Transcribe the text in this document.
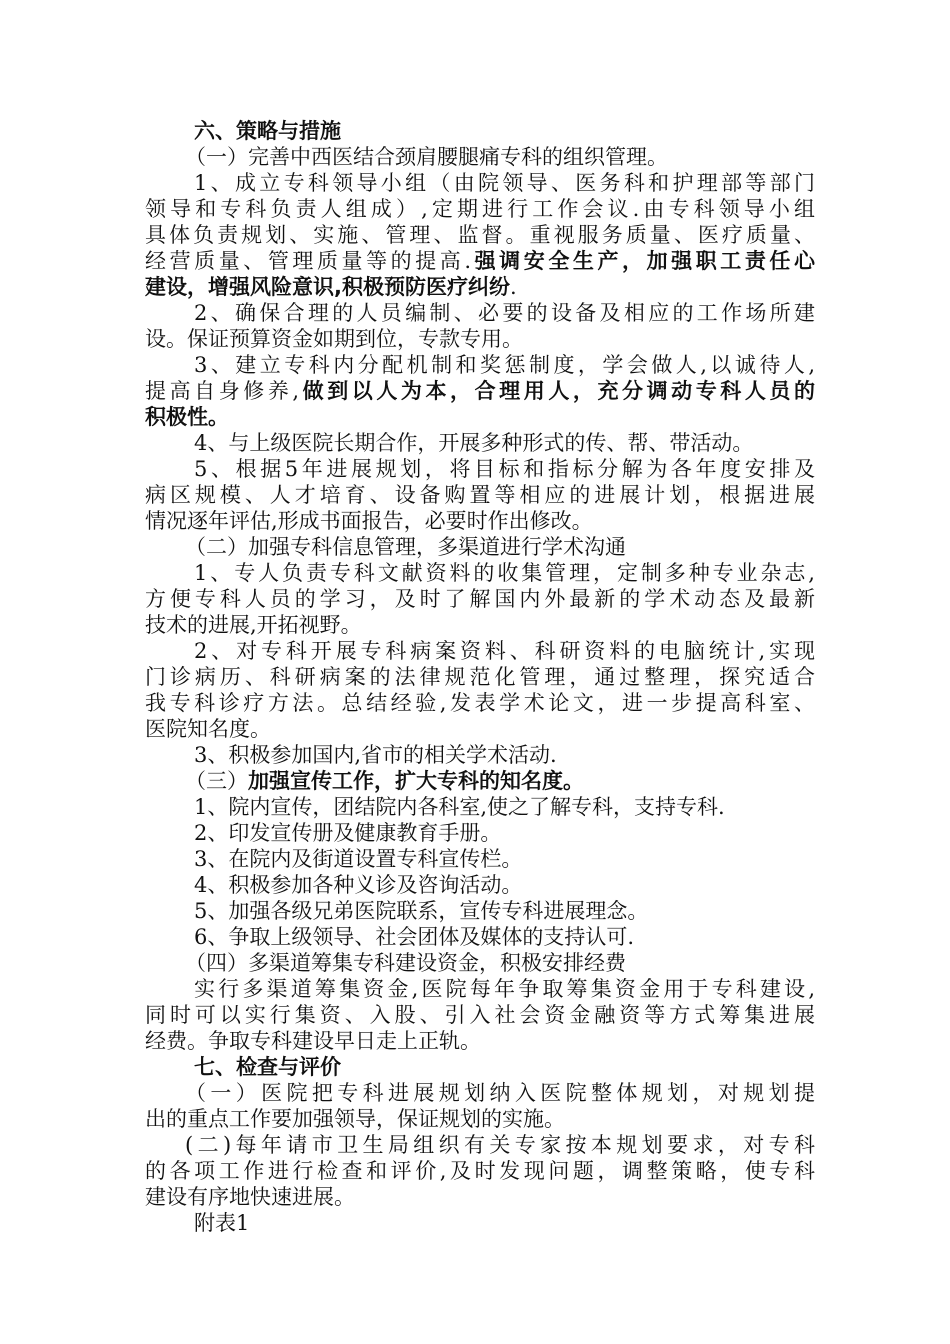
六、策略与措施
（一）完善中西医结合颈肩腰腿痛专科的组织管理。
1、成立专科领导小组（由院领导、医务科和护理部等部门
领导和专科负责人组成）,定期进行工作会议.由专科领导小组
具体负责规划、实施、管理、监督。重视服务质量、医疗质量、
经营质量、管理质量等的提高.强调安全生产，加强职工责任心
建设，增强风险意识,积极预防医疗纠纷.
2、确保合理的人员编制、必要的设备及相应的工作场所建
设。保证预算资金如期到位，专款专用。
3、建立专科内分配机制和奖惩制度，学会做人,以诚待人,
提高自身修养,做到以人为本，合理用人，充分调动专科人员的
积极性。
4、与上级医院长期合作，开展多种形式的传、帮、带活动。
5、根据5年进展规划，将目标和指标分解为各年度安排及
病区规模、人才培育、设备购置等相应的进展计划，根据进展
情况逐年评估,形成书面报告，必要时作出修改。
（二）加强专科信息管理，多渠道进行学术沟通
1、专人负责专科文献资料的收集管理，定制多种专业杂志,
方便专科人员的学习，及时了解国内外最新的学术动态及最新
技术的进展,开拓视野。
2、对专科开展专科病案资料、科研资料的电脑统计,实现
门诊病历、科研病案的法律规范化管理，通过整理，探究适合
我专科诊疗方法。总结经验,发表学术论文，进一步提高科室、
医院知名度。
3、积极参加国内,省市的相关学术活动.
（三）加强宣传工作，扩大专科的知名度。
1、院内宣传，团结院内各科室,使之了解专科，支持专科.
2、印发宣传册及健康教育手册。
3、在院内及街道设置专科宣传栏。
4、积极参加各种义诊及咨询活动。
5、加强各级兄弟医院联系，宣传专科进展理念。
6、争取上级领导、社会团体及媒体的支持认可.
（四）多渠道筹集专科建设资金，积极安排经费
实行多渠道筹集资金,医院每年争取筹集资金用于专科建设,
同时可以实行集资、入股、引入社会资金融资等方式筹集进展
经费。争取专科建设早日走上正轨。
七、检查与评价
（一）医院把专科进展规划纳入医院整体规划，对规划提
出的重点工作要加强领导，保证规划的实施。
(二)每年请市卫生局组织有关专家按本规划要求，对专科
的各项工作进行检查和评价,及时发现问题，调整策略，使专科
建设有序地快速进展。
附表1
